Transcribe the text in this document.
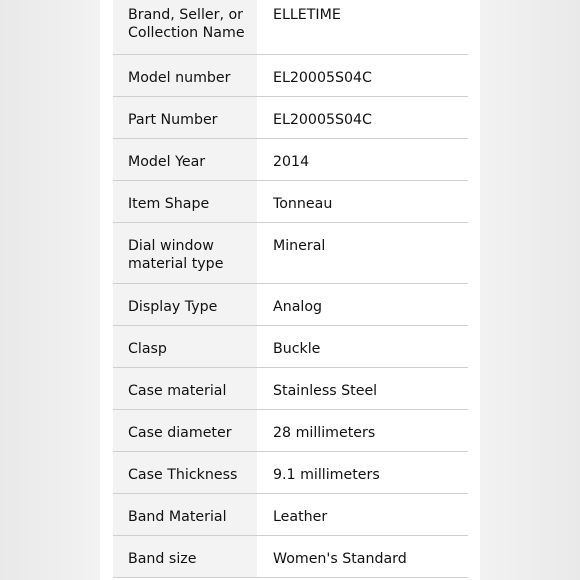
Brand, Seller, or Collection Name	ELLETIME
Model number	EL20005S04C
Part Number	EL20005S04C
Model Year	2014
Item Shape	Tonneau
Dial window material type	Mineral
Display Type	Analog
Clasp	Buckle
Case material	Stainless Steel
Case diameter	28 millimeters
Case Thickness	9.1 millimeters
Band Material	Leather
Band size	Women's Standard
